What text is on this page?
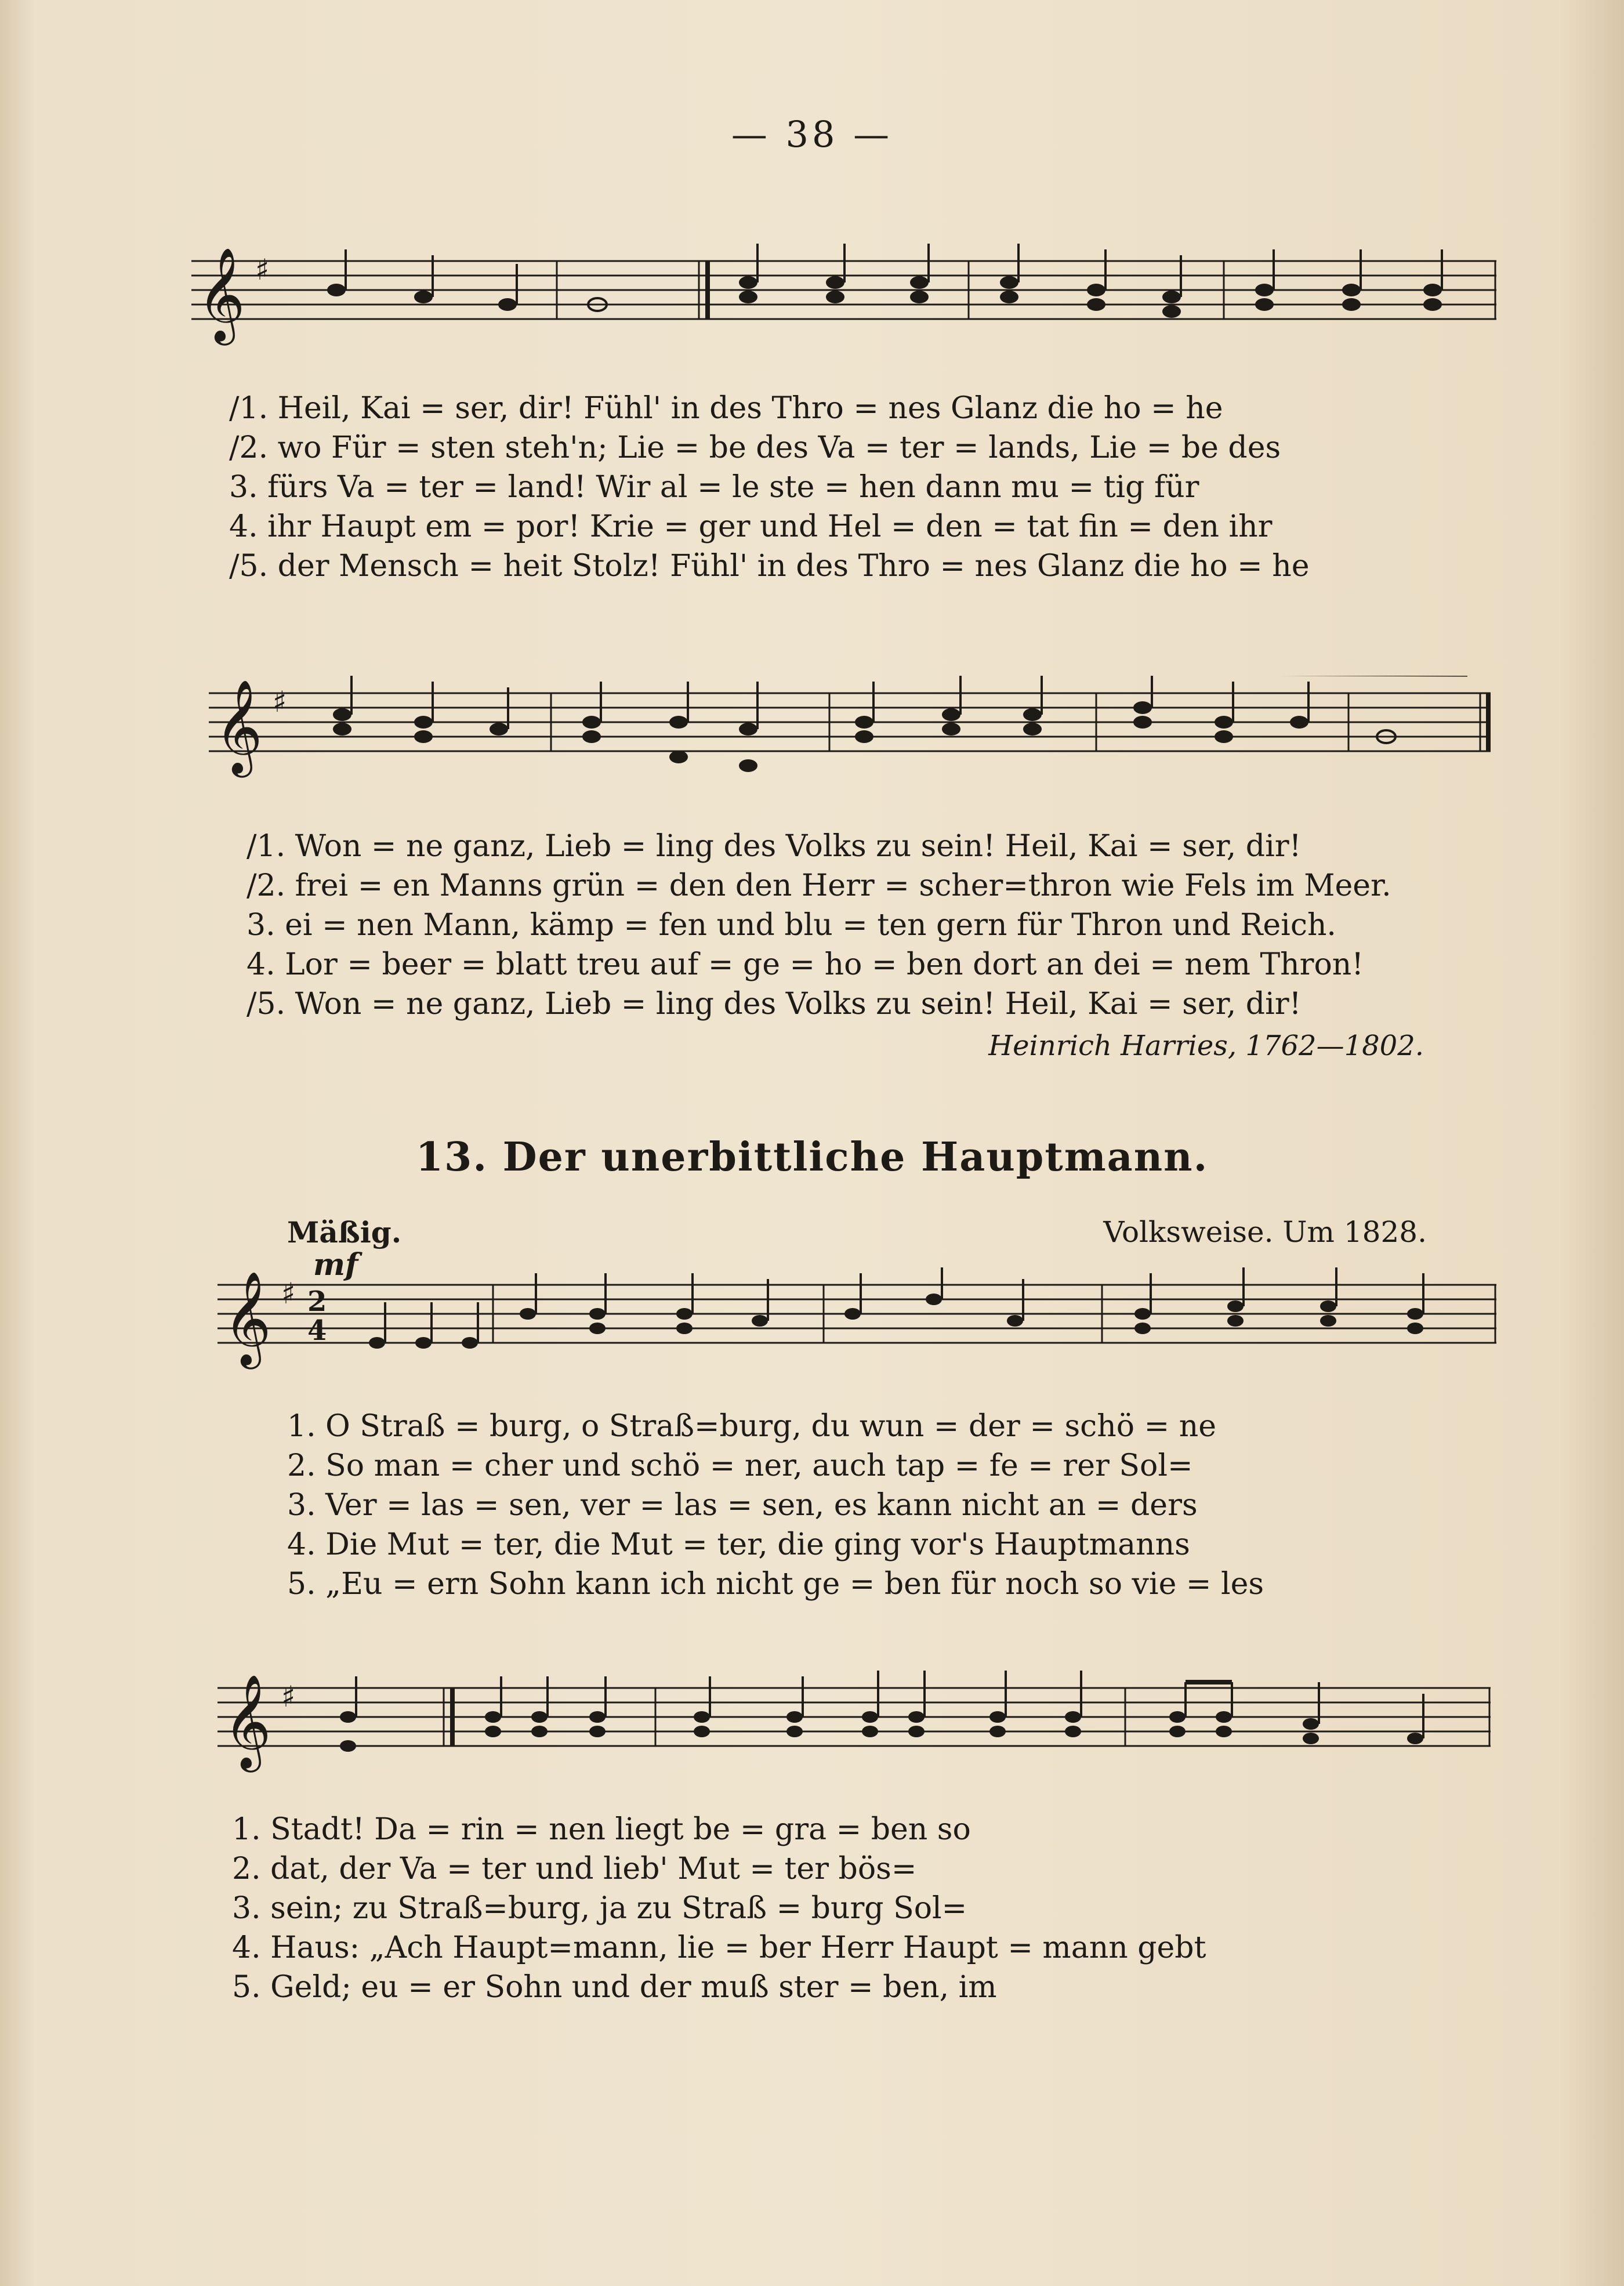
— 38 —
𝄞 ♯
/1. Heil, Kai = ser, dir! Fühl' in des Thro = nes Glanz die ho = he
/2. wo Für = sten steh'n; Lie = be des Va = ter = lands, Lie = be des
3. fürs Va = ter = land! Wir al = le ste = hen dann mu = tig für
4. ihr Haupt em = por! Krie = ger und Hel = den = tat fin = den ihr
/5. der Mensch = heit Stolz! Fühl' in des Thro = nes Glanz die ho = he
𝄞 ♯
/1. Won = ne ganz, Lieb = ling des Volks zu sein! Heil, Kai = ser, dir!
/2. frei = en Manns grün = den den Herr = scher=thron wie Fels im Meer.
3. ei = nen Mann, kämp = fen und blu = ten gern für Thron und Reich.
4. Lor = beer = blatt treu auf = ge = ho = ben dort an dei = nem Thron!
/5. Won = ne ganz, Lieb = ling des Volks zu sein! Heil, Kai = ser, dir!
Heinrich Harries, 1762—1802.
13. Der unerbittliche Hauptmann.
Mäßig.
mf
Volksweise. Um 1828.
𝄞 ♯ 2
4
1. O Straß = burg, o Straß=burg, du wun = der = schö = ne
2. So man = cher und schö = ner, auch tap = fe = rer Sol=
3. Ver = las = sen, ver = las = sen, es kann nicht an = ders
4. Die Mut = ter, die Mut = ter, die ging vor's Hauptmanns
5. „Eu = ern Sohn kann ich nicht ge = ben für noch so vie = les
𝄞 ♯
1. Stadt! Da = rin = nen liegt be = gra = ben so
2. dat, der Va = ter und lieb' Mut = ter bös=
3. sein; zu Straß=burg, ja zu Straß = burg Sol=
4. Haus: „Ach Haupt=mann, lie = ber Herr Haupt = mann gebt
5. Geld; eu = er Sohn und der muß ster = ben, im
